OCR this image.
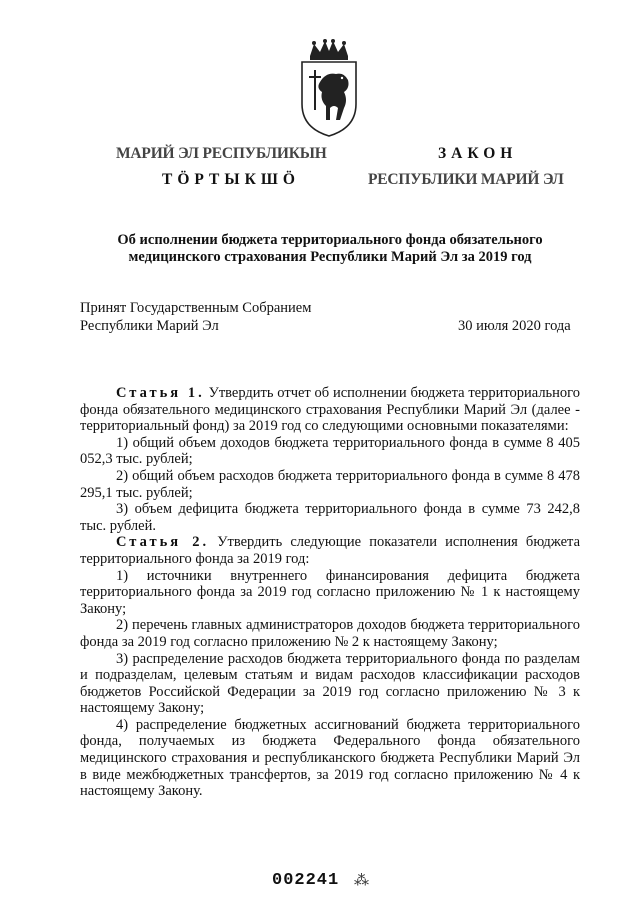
МАРИЙ ЭЛ РЕСПУБЛИКЫН	ЗАКОН
ТӦРТЫКШӦ	РЕСПУБЛИКИ МАРИЙ ЭЛ
Об исполнении бюджета территориального фонда обязательного
медицинского страхования Республики Марий Эл за 2019 год
Принят Государственным Собранием
Республики Марий Эл	30 июля 2020 года

Статья 1. Утвердить отчет об исполнении бюджета территориального фонда обязательного медицинского страхования Республики Марий Эл (далее - территориальный фонд) за 2019 год со следующими основными показателями:

1) общий объем доходов бюджета территориального фонда в сумме 8 405 052,3 тыс. рублей;

2) общий объем расходов бюджета территориального фонда в сумме 8 478 295,1 тыс. рублей;

3) объем дефицита бюджета территориального фонда в сумме 73 242,8 тыс. рублей.

Статья 2. Утвердить следующие показатели исполнения бюджета территориального фонда за 2019 год:

1) источники внутреннего финансирования дефицита бюджета территориального фонда за 2019 год согласно приложению № 1 к настоящему Закону;

2) перечень главных администраторов доходов бюджета территориального фонда за 2019 год согласно приложению № 2 к настоящему Закону;

3) распределение расходов бюджета территориального фонда по разделам и подразделам, целевым статьям и видам расходов классификации расходов бюджетов Российской Федерации за 2019 год согласно приложению № 3 к настоящему Закону;

4) распределение бюджетных ассигнований бюджета территориального фонда, получаемых из бюджета Федерального фонда обязательного медицинского страхования и республиканского бюджета Республики Марий Эл в виде межбюджетных трансфертов, за 2019 год согласно приложению № 4 к настоящему Закону.

002241 ⁂
